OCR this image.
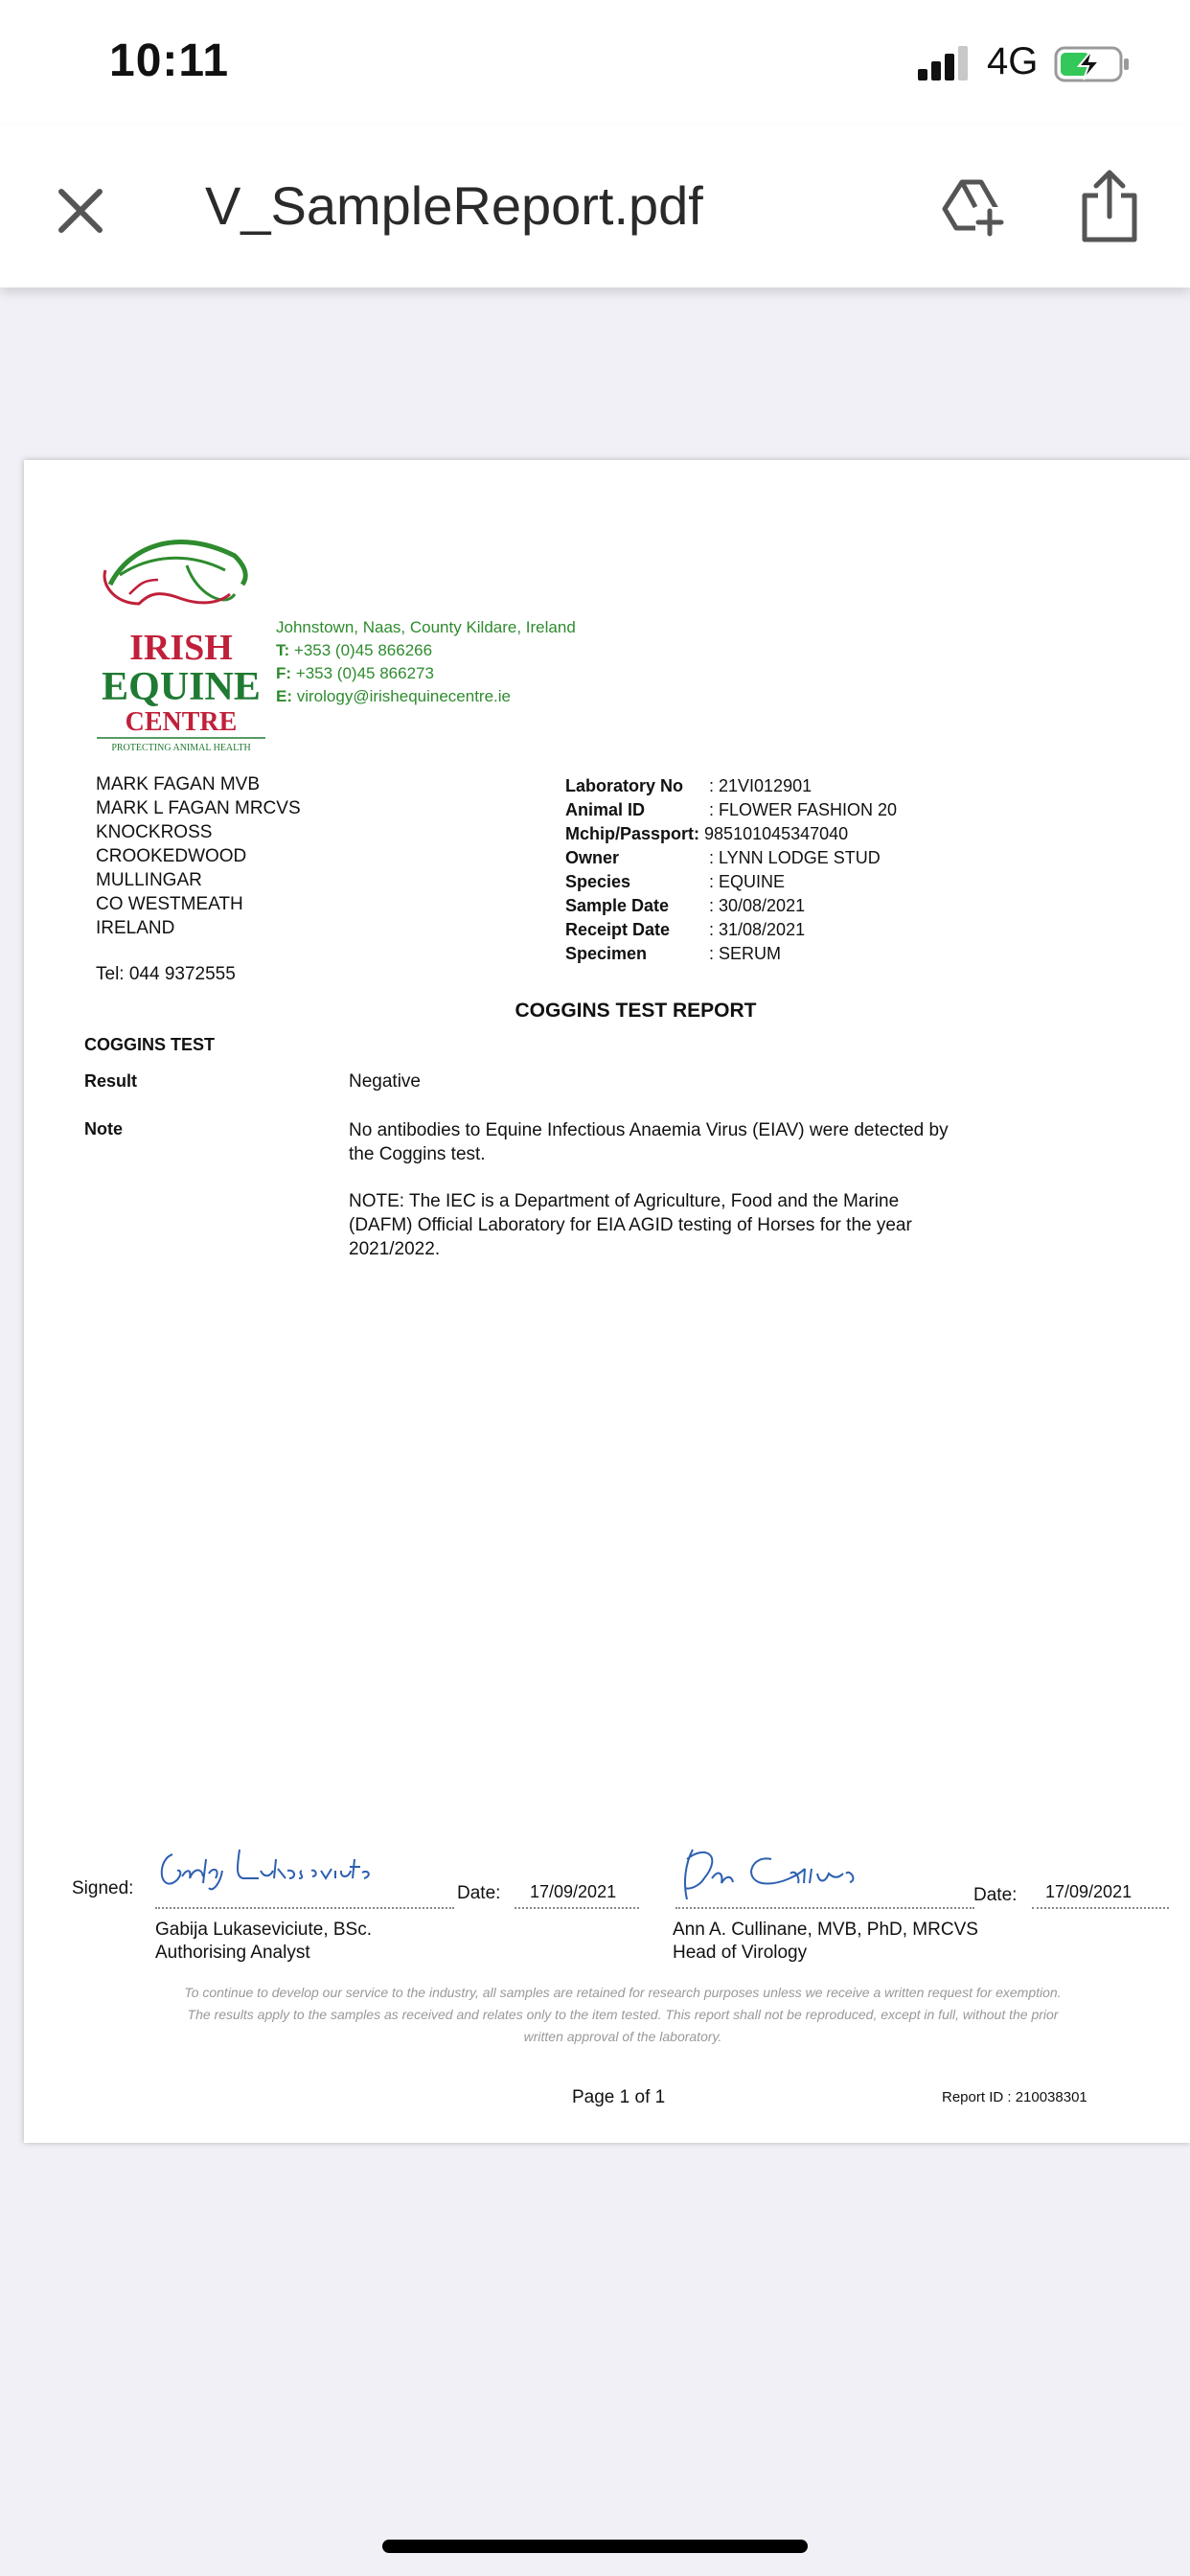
10:11	4G
V_SampleReport.pdf
IRISH
EQUINE
CENTRE
PROTECTING ANIMAL HEALTH
Johnstown, Naas, County Kildare, Ireland
T: +353 (0)45 866266
F: +353 (0)45 866273
E: virology@irishequinecentre.ie
MARK FAGAN MVB
MARK L FAGAN MRCVS
KNOCKROSS
CROOKEDWOOD
MULLINGAR
CO WESTMEATH
IRELAND
Tel: 044 9372555
Laboratory No : 21VI012901
Animal ID	: FLOWER FASHION 20
Mchip/Passport: 985101045347040
Owner	: LYNN LODGE STUD
Species	: EQUINE
Sample Date : 30/08/2021
Receipt Date : 31/08/2021
Specimen	: SERUM
COGGINS TEST REPORT
COGGINS TEST
Result	Negative
Note	No antibodies to Equine Infectious Anaemia Virus (EIAV) were detected by the Coggins test.

NOTE: The IEC is a Department of Agriculture, Food and the Marine (DAFM) Official Laboratory for EIA AGID testing of Horses for the year 2021/2022.

Signed:	Date: 17/09/2021
Gabija Lukaseviciute, BSc.
Authorising Analyst
Date: 17/09/2021
Ann A. Cullinane, MVB, PhD, MRCVS
Head of Virology
To continue to develop our service to the industry, all samples are retained for research purposes unless we receive a written request for exemption.
The results apply to the samples as received and relates only to the item tested. This report shall not be reproduced, except in full, without the prior
written approval of the laboratory.
Page 1 of 1	Report ID : 210038301
